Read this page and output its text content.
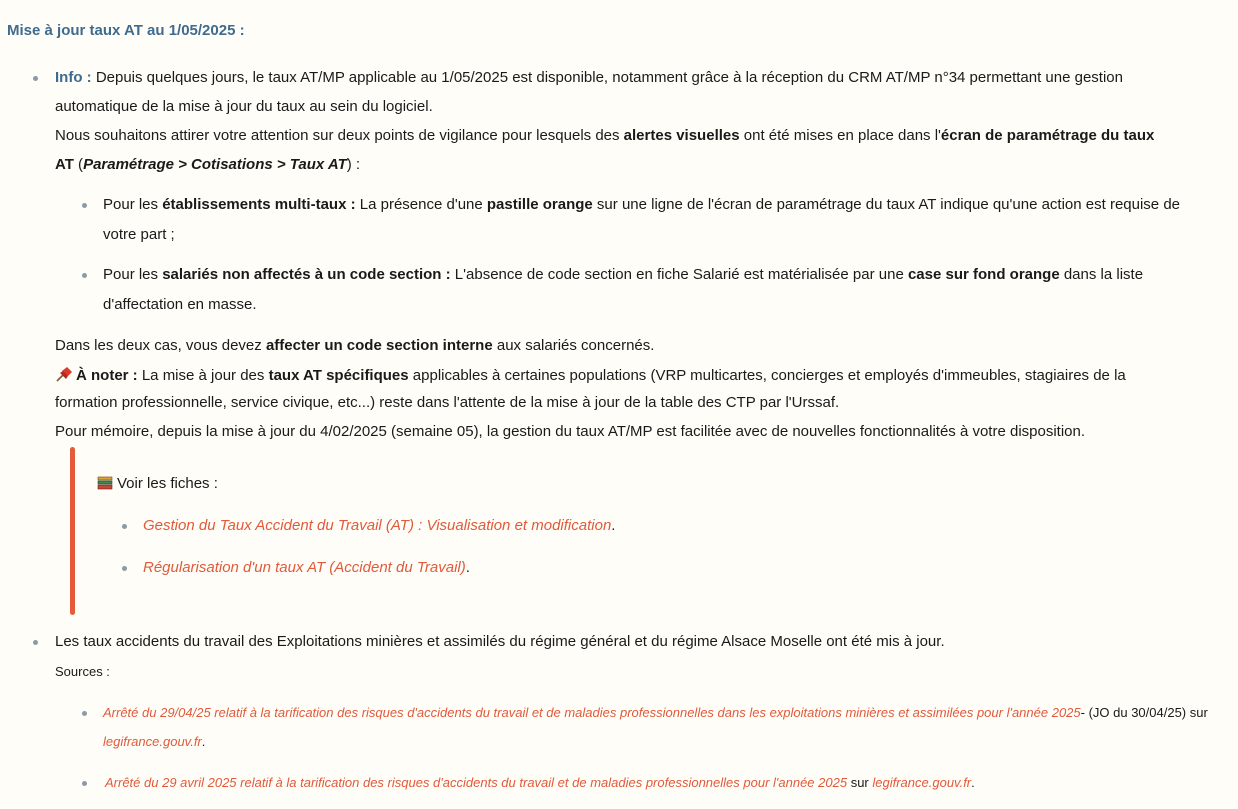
Mise à jour taux AT au 1/05/2025 :
Info : Depuis quelques jours, le taux AT/MP applicable au 1/05/2025 est disponible, notamment grâce à la réception du CRM AT/MP n°34 permettant une gestion
automatique de la mise à jour du taux au sein du logiciel.
Nous souhaitons attirer votre attention sur deux points de vigilance pour lesquels des alertes visuelles ont été mises en place dans l'écran de paramétrage du taux
AT (Paramétrage > Cotisations > Taux AT) :
Pour les établissements multi-taux : La présence d'une pastille orange sur une ligne de l'écran de paramétrage du taux AT indique qu'une action est requise de
votre part ;
Pour les salariés non affectés à un code section : L'absence de code section en fiche Salarié est matérialisée par une case sur fond orange dans la liste
d'affectation en masse.
Dans les deux cas, vous devez affecter un code section interne aux salariés concernés.
À noter : La mise à jour des taux AT spécifiques applicables à certaines populations (VRP multicartes, concierges et employés d'immeubles, stagiaires de la
formation professionnelle, service civique, etc...) reste dans l'attente de la mise à jour de la table des CTP par l'Urssaf.
Pour mémoire, depuis la mise à jour du 4/02/2025 (semaine 05), la gestion du taux AT/MP est facilitée avec de nouvelles fonctionnalités à votre disposition.
Voir les fiches :
Gestion du Taux Accident du Travail (AT) : Visualisation et modification.
Régularisation d'un taux AT (Accident du Travail).
Les taux accidents du travail des Exploitations minières et assimilés du régime général et du régime Alsace Moselle ont été mis à jour.
Sources :
Arrêté du 29/04/25 relatif à la tarification des risques d'accidents du travail et de maladies professionnelles dans les exploitations minières et assimilées pour l'année 2025- (JO du 30/04/25) sur
legifrance.gouv.fr.
Arrêté du 29 avril 2025 relatif à la tarification des risques d'accidents du travail et de maladies professionnelles pour l'année 2025 sur legifrance.gouv.fr.
